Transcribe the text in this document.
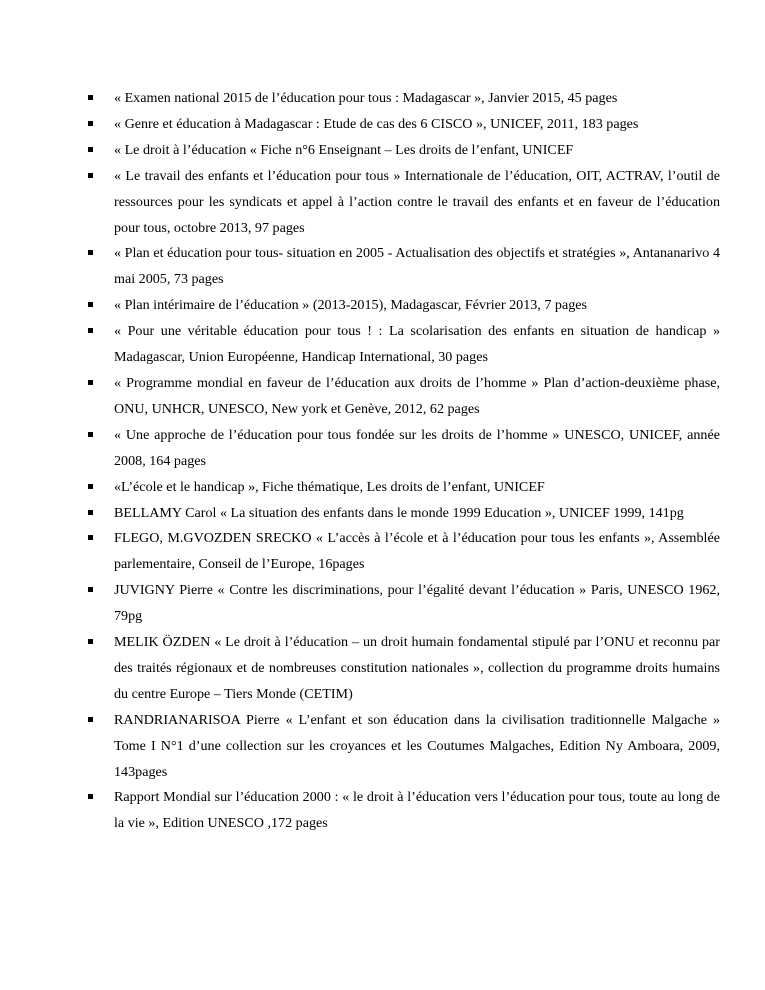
« Examen national 2015 de l’éducation pour tous : Madagascar », Janvier 2015, 45 pages
« Genre et éducation à Madagascar : Etude de cas des 6 CISCO », UNICEF, 2011, 183 pages
« Le droit à l’éducation « Fiche n°6 Enseignant – Les droits de l’enfant, UNICEF
« Le travail des enfants et l’éducation pour tous » Internationale de l’éducation, OIT, ACTRAV, l’outil de ressources pour les syndicats et appel à l’action contre le travail des enfants et en faveur de l’éducation pour tous, octobre 2013, 97 pages
« Plan et éducation pour tous- situation en 2005 - Actualisation des objectifs et stratégies », Antananarivo 4 mai 2005, 73 pages
« Plan intérimaire de l’éducation » (2013-2015), Madagascar, Février 2013, 7 pages
« Pour une véritable éducation pour tous ! : La scolarisation des enfants en situation de handicap » Madagascar, Union Européenne, Handicap International, 30 pages
« Programme mondial en faveur de l’éducation aux droits de l’homme » Plan d’action-deuxième phase, ONU, UNHCR, UNESCO, New york et Genève, 2012, 62 pages
« Une approche de l’éducation pour tous fondée sur les droits de l’homme » UNESCO, UNICEF, année 2008, 164 pages
«L’école et le handicap », Fiche thématique, Les droits de l’enfant, UNICEF
BELLAMY Carol « La situation des enfants dans le monde 1999 Education », UNICEF 1999, 141pg
FLEGO, M.GVOZDEN SRECKO « L’accès à l’école et à l’éducation pour tous les enfants », Assemblée parlementaire, Conseil de l’Europe, 16pages
JUVIGNY Pierre « Contre les discriminations, pour l’égalité devant l’éducation » Paris, UNESCO 1962, 79pg
MELIK ÖZDEN « Le droit à l’éducation – un droit humain fondamental stipulé par l’ONU et reconnu par des traités régionaux et de nombreuses constitution nationales », collection du programme droits humains du centre Europe – Tiers Monde (CETIM)
RANDRIANARISOA Pierre « L’enfant et son éducation dans la civilisation traditionnelle Malgache » Tome I N°1 d’une collection sur les croyances et les Coutumes Malgaches, Edition Ny Amboara, 2009, 143pages
Rapport Mondial sur l’éducation 2000 : « le droit à l’éducation vers l’éducation pour tous, toute au long de la vie », Edition UNESCO ,172 pages
